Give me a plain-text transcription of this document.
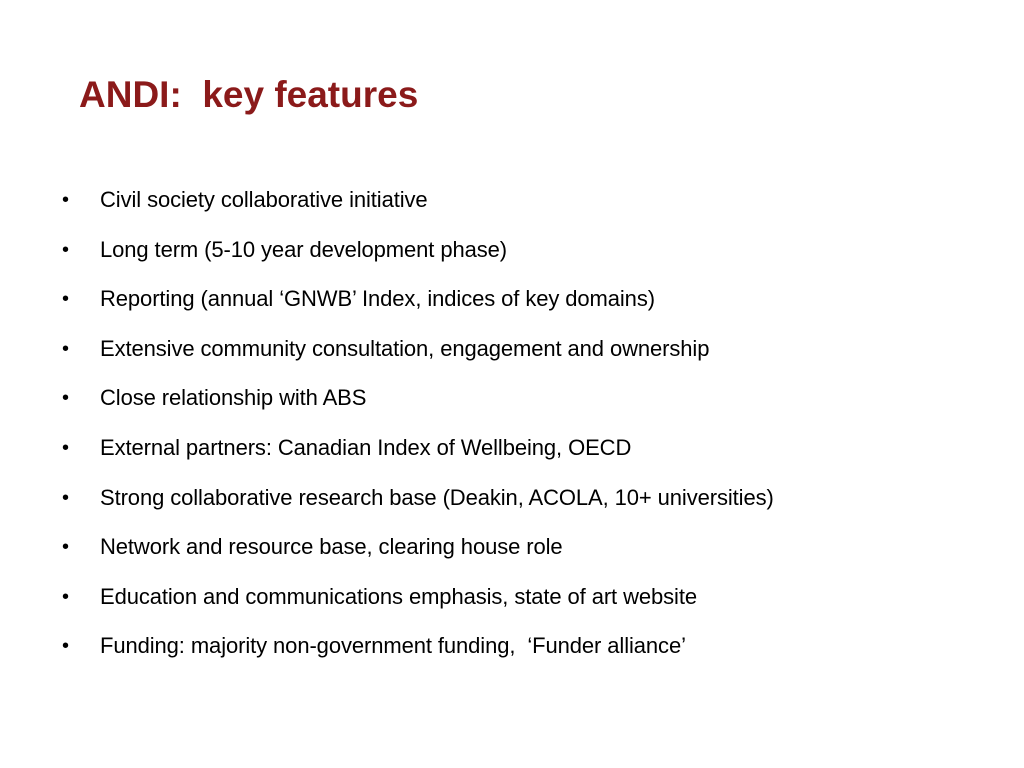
ANDI:  key features
•	Civil society collaborative initiative
•	Long term (5-10 year development phase)
•	Reporting (annual ‘GNWB’ Index, indices of key domains)
•	Extensive community consultation, engagement and ownership
•	Close relationship with ABS
•	External partners: Canadian Index of Wellbeing, OECD
•	Strong collaborative research base (Deakin, ACOLA, 10+ universities)
•	Network and resource base, clearing house role
•	Education and communications emphasis, state of art website
•	Funding: majority non-government funding,  ‘Funder alliance’
